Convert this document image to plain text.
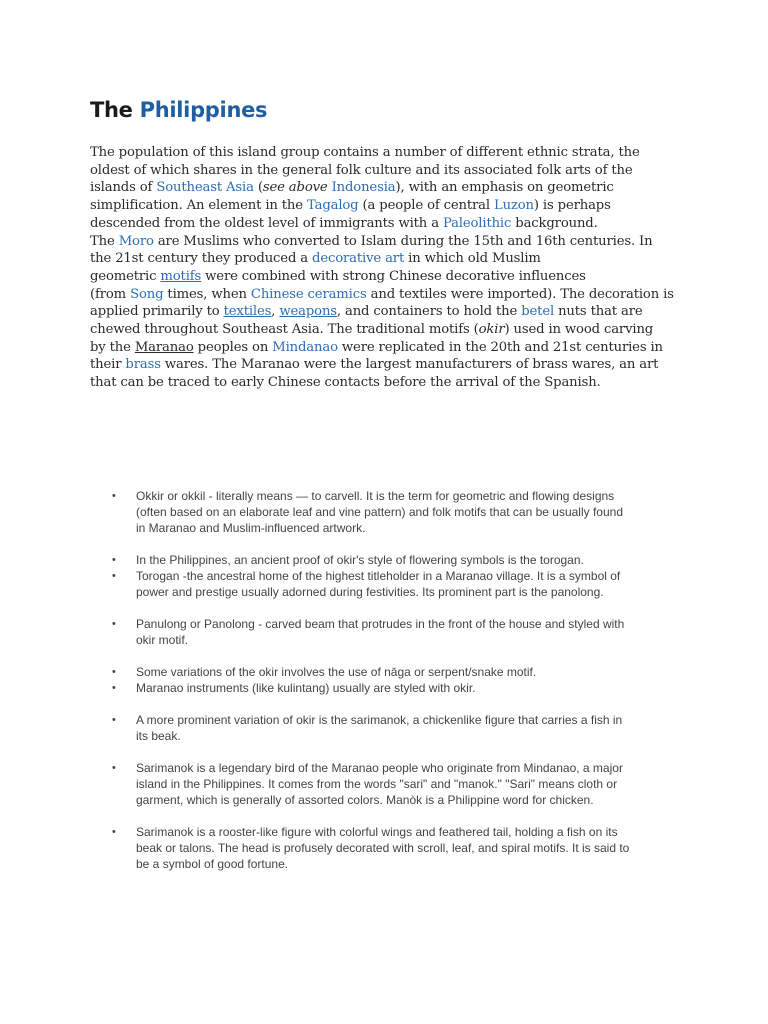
The Philippines
The population of this island group contains a number of different ethnic strata, the
oldest of which shares in the general folk culture and its associated folk arts of the
islands of Southeast Asia (see above Indonesia), with an emphasis on geometric
simplification. An element in the Tagalog (a people of central Luzon) is perhaps
descended from the oldest level of immigrants with a Paleolithic background.
The Moro are Muslims who converted to Islam during the 15th and 16th centuries. In
the 21st century they produced a decorative art in which old Muslim
geometric motifs were combined with strong Chinese decorative influences
(from Song times, when Chinese ceramics and textiles were imported). The decoration is
applied primarily to textiles, weapons, and containers to hold the betel nuts that are
chewed throughout Southeast Asia. The traditional motifs (okir) used in wood carving
by the Maranao peoples on Mindanao were replicated in the 20th and 21st centuries in
their brass wares. The Maranao were the largest manufacturers of brass wares, an art
that can be traced to early Chinese contacts before the arrival of the Spanish.
• Okkir or okkil - literally means — to carvell. It is the term for geometric and flowing designs
(often based on an elaborate leaf and vine pattern) and folk motifs that can be usually found
in Maranao and Muslim-influenced artwork.
• In the Philippines, an ancient proof of okir's style of flowering symbols is the torogan.
• Torogan -the ancestral home of the highest titleholder in a Maranao village. It is a symbol of
power and prestige usually adorned during festivities. Its prominent part is the panolong.
• Panulong or Panolong - carved beam that protrudes in the front of the house and styled with
okir motif.
• Some variations of the okir involves the use of nāga or serpent/snake motif.
• Maranao instruments (like kulintang) usually are styled with okir.
• A more prominent variation of okir is the sarimanok, a chickenlike figure that carries a fish in
its beak.
• Sarimanok is a legendary bird of the Maranao people who originate from Mindanao, a major
island in the Philippines. It comes from the words "sari" and "manok." "Sari" means cloth or
garment, which is generally of assorted colors. Manòk is a Philippine word for chicken.
• Sarimanok is a rooster-like figure with colorful wings and feathered tail, holding a fish on its
beak or talons. The head is profusely decorated with scroll, leaf, and spiral motifs. It is said to
be a symbol of good fortune.
